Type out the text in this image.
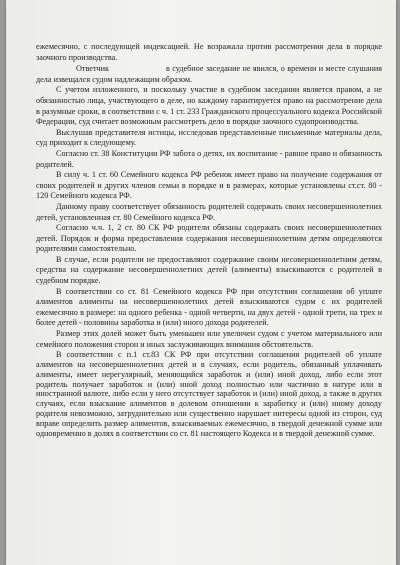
ежемесячно, с последующей индексацией. Не возражала против рассмотрения дела в порядке заочного производства.

Ответчик	в судебное заседание не явился, о времени и месте слушания дела извещался судом надлежащим образом.

С учетом изложенного, и поскольку участие в судебном заседании является правом, а не обязанностью лица, участвующего в деле, но каждому гарантируется право на рассмотрение дела в разумные сроки, в соответствии с ч. 1 ст. 233 Гражданского процессуального кодекса Российской Федерации, суд считает возможным рассмотреть дело в порядке заочного судопроизводства.

Выслушав представителя истицы, исследовав представленные письменные материалы дела, суд приходит к следующему.

Согласно ст. 38 Конституции РФ забота о детях, их воспитание - равное право и обязанность родителей.

В силу ч. 1 ст. 60 Семейного кодекса РФ ребенок имеет право на получение содержания от своих родителей и других членов семьи в порядке и в размерах, которые установлены ст.ст. 80 - 120 Семейного кодекса РФ.

Данному праву соответствует обязанность родителей содержать своих несовершеннолетних детей, установленная ст. 80 Семейного кодекса РФ.

Согласно ч.ч. 1, 2 ст. 80 СК РФ родители обязаны содержать своих несовершеннолетних детей. Порядок и форма предоставления содержания несовершеннолетним детям определяются родителями самостоятельно.

В случае, если родители не предоставляют содержание своим несовершеннолетним детям, средства на содержание несовершеннолетних детей (алименты) взыскиваются с родителей в судебном порядке.

В соответствии со ст. 81 Семейного кодекса РФ при отсутствии соглашения об уплате алиментов алименты на несовершеннолетних детей взыскиваются судом с их родителей ежемесячно в размере: на одного ребенка - одной четверти, на двух детей - одной трети, на трех и более детей - половины заработка и (или) иного дохода родителей.

Размер этих долей может быть уменьшен или увеличен судом с учетом материального или семейного положения сторон и иных заслуживающих внимания обстоятельств.

В соответствии с п.1 ст.83 СК РФ при отсутствии соглашения родителей об уплате алиментов на несовершеннолетних детей и в случаях, если родитель, обязанный уплачивать алименты, имеет нерегулярный, меняющийся заработок и (или) иной доход, либо если этот родитель получает заработок и (или) иной доход полностью или частично в натуре или в иностранной валюте, либо если у него отсутствует заработок и (или) иной доход, а также в других случаях, если взыскание алиментов в долевом отношении к заработку и (или) иному доходу родителя невозможно, затруднительно или существенно нарушает интересы одной из сторон, суд вправе определить размер алиментов, взыскиваемых ежемесячно, в твердой денежной сумме или одновременно в долях в соответствии со ст. 81 настоящего Кодекса и в твердой денежной сумме.
